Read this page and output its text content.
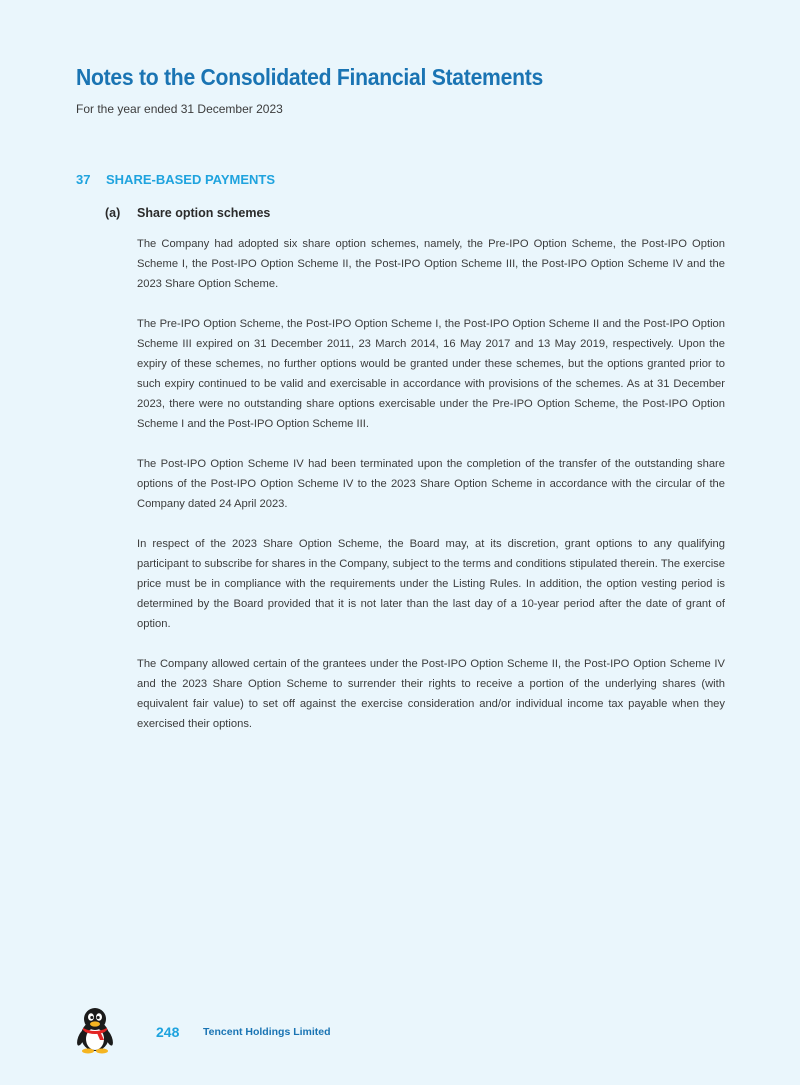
Notes to the Consolidated Financial Statements
For the year ended 31 December 2023
37 SHARE-BASED PAYMENTS
(a) Share option schemes

The Company had adopted six share option schemes, namely, the Pre-IPO Option Scheme, the Post-IPO Option Scheme I, the Post-IPO Option Scheme II, the Post-IPO Option Scheme III, the Post-IPO Option Scheme IV and the 2023 Share Option Scheme.

The Pre-IPO Option Scheme, the Post-IPO Option Scheme I, the Post-IPO Option Scheme II and the Post-IPO Option Scheme III expired on 31 December 2011, 23 March 2014, 16 May 2017 and 13 May 2019, respectively. Upon the expiry of these schemes, no further options would be granted under these schemes, but the options granted prior to such expiry continued to be valid and exercisable in accordance with provisions of the schemes. As at 31 December 2023, there were no outstanding share options exercisable under the Pre-IPO Option Scheme, the Post-IPO Option Scheme I and the Post-IPO Option Scheme III.

The Post-IPO Option Scheme IV had been terminated upon the completion of the transfer of the outstanding share options of the Post-IPO Option Scheme IV to the 2023 Share Option Scheme in accordance with the circular of the Company dated 24 April 2023.

In respect of the 2023 Share Option Scheme, the Board may, at its discretion, grant options to any qualifying participant to subscribe for shares in the Company, subject to the terms and conditions stipulated therein. The exercise price must be in compliance with the requirements under the Listing Rules. In addition, the option vesting period is determined by the Board provided that it is not later than the last day of a 10-year period after the date of grant of option.

The Company allowed certain of the grantees under the Post-IPO Option Scheme II, the Post-IPO Option Scheme IV and the 2023 Share Option Scheme to surrender their rights to receive a portion of the underlying shares (with equivalent fair value) to set off against the exercise consideration and/or individual income tax payable when they exercised their options.

248 Tencent Holdings Limited
